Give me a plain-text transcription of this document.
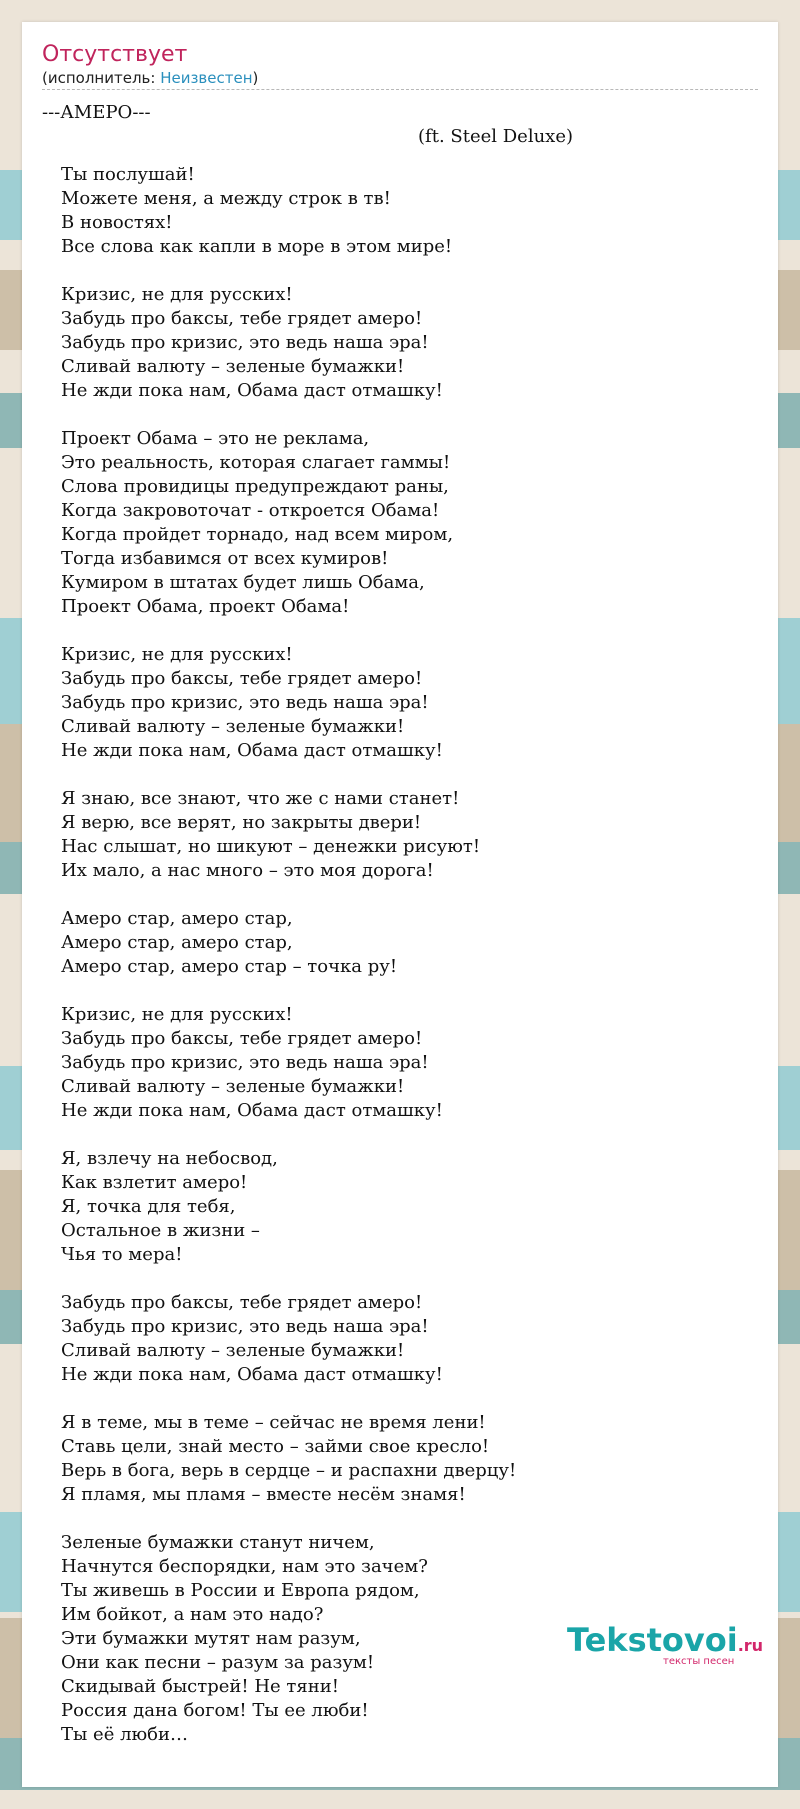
Отсутствует
(исполнитель: Неизвестен)
---АМЕРО---
(ft. Steel Deluxe)
Ты послушай!
Можете меня, а между строк в тв!
В новостях!
Все слова как капли в море в этом мире!
Кризис, не для русских!
Забудь про баксы, тебе грядет амеро!
Забудь про кризис, это ведь наша эра!
Сливай валюту – зеленые бумажки!
Не жди пока нам, Обама даст отмашку!
Проект Обама – это не реклама,
Это реальность, которая слагает гаммы!
Слова провидицы предупреждают раны,
Когда закровоточат - откроется Обама!
Когда пройдет торнадо, над всем миром,
Тогда избавимся от всех кумиров!
Кумиром в штатах будет лишь Обама,
Проект Обама, проект Обама!
Кризис, не для русских!
Забудь про баксы, тебе грядет амеро!
Забудь про кризис, это ведь наша эра!
Сливай валюту – зеленые бумажки!
Не жди пока нам, Обама даст отмашку!
Я знаю, все знают, что же с нами станет!
Я верю, все верят, но закрыты двери!
Нас слышат, но шикуют – денежки рисуют!
Их мало, а нас много – это моя дорога!
Амеро стар, амеро стар,
Амеро стар, амеро стар,
Амеро стар, амеро стар – точка ру!
Кризис, не для русских!
Забудь про баксы, тебе грядет амеро!
Забудь про кризис, это ведь наша эра!
Сливай валюту – зеленые бумажки!
Не жди пока нам, Обама даст отмашку!
Я, взлечу на небосвод,
Как взлетит амеро!
Я, точка для тебя,
Остальное в жизни –
Чья то мера!
Забудь про баксы, тебе грядет амеро!
Забудь про кризис, это ведь наша эра!
Сливай валюту – зеленые бумажки!
Не жди пока нам, Обама даст отмашку!
Я в теме, мы в теме – сейчас не время лени!
Ставь цели, знай место – займи свое кресло!
Верь в бога, верь в сердце – и распахни дверцу!
Я пламя, мы пламя – вместе несём знамя!
Зеленые бумажки станут ничем,
Начнутся беспорядки, нам это зачем?
Ты живешь в России и Европа рядом,
Им бойкот, а нам это надо?
Эти бумажки мутят нам разум,
Они как песни – разум за разум!
Скидывай быстрей! Не тяни!
Россия дана богом! Ты ее люби!
Ты её люби…
Tekstovoi.ru
тексты песен
